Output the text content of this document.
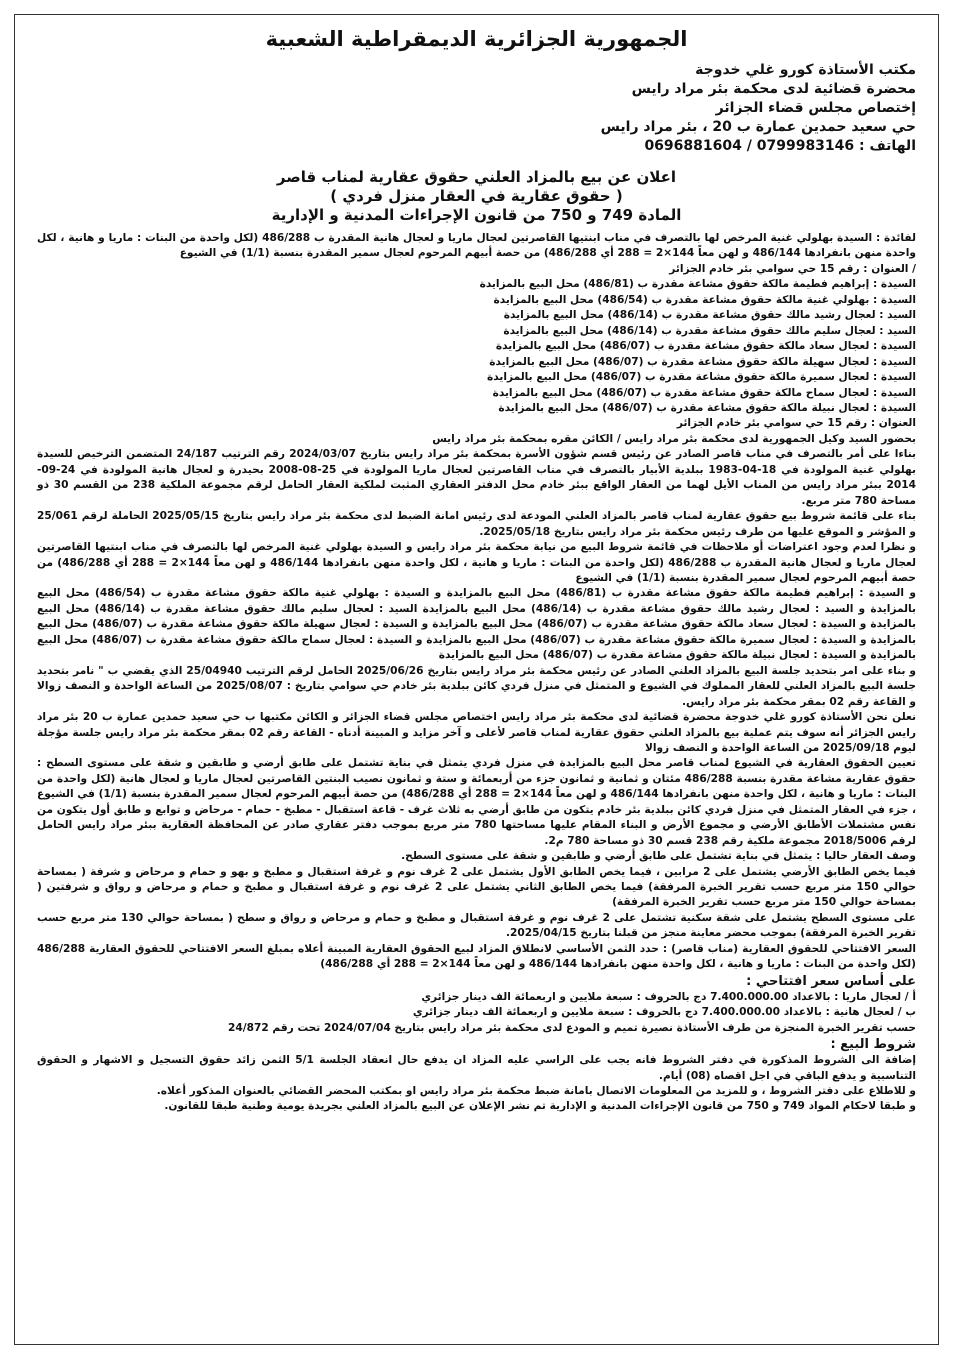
الجمهورية الجزائرية الديمقراطية الشعبية
مكتب الأستاذة كورو غلي خدوجة
محضرة قضائية لدى محكمة بئر مراد رايس
إختصاص مجلس قضاء الجزائر
حي سعيد حمدين عمارة ب 20 ، بئر مراد رايس
الهاتف : 0799983146 / 0696881604
اعلان عن بيع بالمزاد العلني حقوق عقارية لمناب قاصر
( حقوق عقارية في العقار منزل فردي )
المادة 749 و 750 من قانون الإجراءات المدنية و الإدارية

لفائدة : السيدة بهلولي غنية المرخص لها بالتصرف في مناب ابنتيها القاصرتين لعجال ماريا و لعجال هانية المقدرة ب 486/288 (لكل واحدة من البنات : ماريا و هانية ، لكل واحدة منهن بانفرادها 486/144 و لهن معاً 144×2 = 288 أي 486/288) من حصة أبيهم المرحوم لعجال سمير المقدرة بنسبة (1/1) في الشيوع

/ العنوان : رقم 15 حي سوامي بئر خادم الجزائر

السيدة : إبراهيم فطيمة مالكة حقوق مشاعة مقدرة ب (486/81) محل البيع بالمزايدة
السيدة : بهلولي غنية مالكة حقوق مشاعة مقدرة ب (486/54) محل البيع بالمزايدة
السيد : لعجال رشيد مالك حقوق مشاعة مقدرة ب (486/14) محل البيع بالمزايدة
السيد : لعجال سليم مالك حقوق مشاعة مقدرة ب (486/14) محل البيع بالمزايدة
السيدة : لعجال سعاد مالكة حقوق مشاعة مقدرة ب (486/07) محل البيع بالمزايدة
السيدة : لعجال سهيلة مالكة حقوق مشاعة مقدرة ب (486/07) محل البيع بالمزايدة
السيدة : لعجال سميرة مالكة حقوق مشاعة مقدرة ب (486/07) محل البيع بالمزايدة
السيدة : لعجال سماح مالكة حقوق مشاعة مقدرة ب (486/07) محل البيع بالمزايدة
السيدة : لعجال نبيلة مالكة حقوق مشاعة مقدرة ب (486/07) محل البيع بالمزايدة
العنوان : رقم 15 حي سوامي بئر خادم الجزائر

بحضور السيد وكيل الجمهورية لدى محكمة بئر مراد رايس / الكائن مقره بمحكمة بئر مراد رايس

بناءا على أمر بالتصرف في مناب قاصر الصادر عن رئيس قسم شؤون الأسرة بمحكمة بئر مراد رايس بتاريخ 2024/03/07 رقم الترتيب 24/187 المتضمن الترخيص للسيدة بهلولي غنية المولودة في 18-04-1983 ببلدية الأبيار بالتصرف في مناب القاصرتين لعجال ماريا المولودة في 25-08-2008 بحيدرة و لعجال هانية المولودة في 24-09-2014 ببئر مراد رايس من المناب الأيل لهما من العقار الواقع ببئر خادم محل الدفتر العقاري المثبت لملكية العقار الحامل لرقم مجموعة الملكية 238 من القسم 30 ذو مساحة 780 متر مربع.

بناء على قائمة شروط بيع حقوق عقارية لمناب قاصر بالمزاد العلني المودعة لدى رئيس امانة الضبط لدى محكمة بئر مراد رايس بتاريخ 2025/05/15 الحاملة لرقم 25/061 و المؤشر و الموقع عليها من طرف رئيس محكمة بئر مراد رايس بتاريخ 2025/05/18.

و نظرا لعدم وجود اعتراضات أو ملاحظات في قائمة شروط البيع من نيابة محكمة بئر مراد رايس و السيدة بهلولي غنية المرخص لها بالتصرف في مناب ابنتيها القاصرتين لعجال ماريا و لعجال هانية المقدرة ب 486/288 (لكل واحدة من البنات : ماريا و هانية ، لكل واحدة منهن بانفرادها 486/144 و لهن معاً 144×2 = 288 أي 486/288) من حصة أبيهم المرحوم لعجال سمير المقدرة بنسبة (1/1) في الشيوع

و السيدة : إبراهيم فطيمة مالكة حقوق مشاعة مقدرة ب (486/81) محل البيع بالمزايدة و السيدة : بهلولي غنية مالكة حقوق مشاعة مقدرة ب (486/54) محل البيع بالمزايدة و السيد : لعجال رشيد مالك حقوق مشاعة مقدرة ب (486/14) محل البيع بالمزايدة السيد : لعجال سليم مالك حقوق مشاعة مقدرة ب (486/14) محل البيع بالمزايدة و السيدة : لعجال سعاد مالكة حقوق مشاعة مقدرة ب (486/07) محل البيع بالمزايدة و السيدة : لعجال سهيلة مالكة حقوق مشاعة مقدرة ب (486/07) محل البيع بالمزايدة و السيدة : لعجال سميرة مالكة حقوق مشاعة مقدرة ب (486/07) محل البيع بالمزايدة و السيدة : لعجال سماح مالكة حقوق مشاعة مقدرة ب (486/07) محل البيع بالمزايدة و السيدة : لعجال نبيلة مالكة حقوق مشاعة مقدرة ب (486/07) محل البيع بالمزايدة

و بناء على امر بتحديد جلسة البيع بالمزاد العلني الصادر عن رئيس محكمة بئر مراد رايس بتاريخ 2025/06/26 الحامل لرقم الترتيب 25/04940 الذي يقضي ب " نامر بتحديد جلسة البيع بالمزاد العلني للعقار المملوك في الشيوع و المتمثل في منزل فردي كائن ببلدية بئر خادم حي سوامي بتاريخ : 2025/08/07 من الساعة الواحدة و النصف زوالا و القاعة رقم 02 بمقر محكمة بئر مراد رايس.

نعلن نحن الأستاذة كورو غلي خدوجة محضرة قضائية لدى محكمة بئر مراد رايس اختصاص مجلس قضاء الجزائر و الكائن مكتبها ب حي سعيد حمدين عمارة ب 20 بئر مراد رايس الجزائر أنه سوف يتم عملية بيع بالمزاد العلني حقوق عقارية لمناب قاصر لأعلى و آخر مزايد و المبينة أدناه - القاعة رقم 02 بمقر محكمة بئر مراد رايس جلسة مؤجلة ليوم 2025/09/18 من الساعة الواحدة و النصف زوالا

تعيين الحقوق العقارية في الشيوع لمناب قاصر محل البيع بالمزايدة في منزل فردي يتمثل في بناية تشتمل على طابق أرضي و طابقين و شقة على مستوى السطح : حقوق عقارية مشاعة مقدرة بنسبة 486/288 مئتان و ثمانية و ثمانون جزء من أربعمائة و ستة و ثمانون نصيب البنتين القاصرتين لعجال ماريا و لعجال هانية (لكل واحدة من البنات : ماريا و هانية ، لكل واحدة منهن بانفرادها 486/144 و لهن معاً 144×2 = 288 أي 486/288) من حصة أبيهم المرحوم لعجال سمير المقدرة بنسبة (1/1) في الشيوع ، جزء في العقار المتمثل في منزل فردي كائن ببلدية بئر خادم يتكون من طابق أرضي به ثلاث غرف - قاعة استقبال - مطبخ - حمام - مرحاض و توابع و طابق أول يتكون من نفس مشتملات الأطابق الأرضي و مجموع الأرض و البناء المقام عليها مساحتها 780 متر مربع بموجب دفتر عقاري صادر عن المحافظة العقارية ببئر مراد رايس الحامل لرقم 2018/5006 مجموعة ملكية رقم 238 قسم 30 ذو مساحة 780 م2.

وصف العقار حاليا : يتمثل في بناية تشتمل على طابق أرضي و طابقين و شقة على مستوى السطح.

فيما يخص الطابق الأرضي يشتمل على 2 مرابين ، فيما يخص الطابق الأول يشتمل على 2 غرف نوم و غرفة استقبال و مطبخ و بهو و حمام و مرحاض و شرفة ( بمساحة حوالي 150 متر مربع حسب تقرير الخبرة المرفقة) فيما يخص الطابق الثاني يشتمل على 2 غرف نوم و غرفة استقبال و مطبخ و حمام و مرحاض و رواق و شرفتين ( بمساحة حوالي 150 متر مربع حسب تقرير الخبرة المرفقة)

على مستوى السطح يشتمل على شقة سكنية تشتمل على 2 غرف نوم و غرفة استقبال و مطبخ و حمام و مرحاض و رواق و سطح ( بمساحة حوالي 130 متر مربع حسب تقرير الخبرة المرفقة) بموجب محضر معاينة منجز من قبلنا بتاريخ 2025/04/15.

السعر الافتتاحي للحقوق العقارية (مناب قاصر) : حدد الثمن الأساسي لانطلاق المزاد لبيع الحقوق العقارية المبينة أعلاه بمبلغ السعر الافتتاحي للحقوق العقارية 486/288 (لكل واحدة من البنات : ماريا و هانية ، لكل واحدة منهن بانفرادها 486/144 و لهن معاً 144×2 = 288 أي 486/288)

على أساس سعر افتتاحي :
أ / لعجال ماريا : بالاعداد 7.400.000.00 دج بالحروف : سبعة ملايين و اربعمائة الف دينار جزائري
ب / لعجال هانية : بالاعداد 7.400.000.00 دج بالحروف : سبعة ملايين و اربعمائة الف دينار جزائري
حسب تقرير الخبرة المنجزة من طرف الأستاذة نصيرة تميم و المودع لدى محكمة بئر مراد رايس بتاريخ 2024/07/04 تحت رقم 24/872
شروط البيع :

إضافة الى الشروط المذكورة في دفتر الشروط فانه يجب على الراسي عليه المزاد ان يدفع حال انعقاد الجلسة 5/1 الثمن زائد حقوق التسجيل و الاشهار و الحقوق التناسبية و يدفع الباقي في اجل اقصاه (08) أيام.

و للاطلاع على دفتر الشروط ، و للمزيد من المعلومات الاتصال بامانة ضبط محكمة بئر مراد رايس او بمكتب المحضر القضائي بالعنوان المذكور أعلاه.

و طبقا لاحكام المواد 749 و 750 من قانون الإجراءات المدنية و الإدارية تم نشر الإعلان عن البيع بالمزاد العلني بجريدة يومية وطنية طبقا للقانون.
